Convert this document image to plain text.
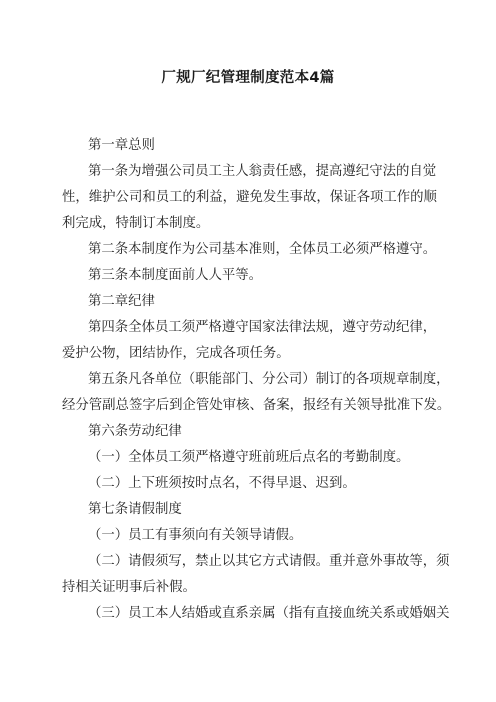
厂规厂纪管理制度范本4篇
第一章总则
第一条为增强公司员工主人翁责任感，提高遵纪守法的自觉
性，维护公司和员工的利益，避免发生事故，保证各项工作的顺
利完成，特制订本制度。
第二条本制度作为公司基本准则，全体员工必须严格遵守。
第三条本制度面前人人平等。
第二章纪律
第四条全体员工须严格遵守国家法律法规，遵守劳动纪律，
爱护公物，团结协作，完成各项任务。
第五条凡各单位（职能部门、分公司）制订的各项规章制度，
经分管副总签字后到企管处审核、备案，报经有关领导批准下发。
第六条劳动纪律
（一）全体员工须严格遵守班前班后点名的考勤制度。
（二）上下班须按时点名，不得早退、迟到。
第七条请假制度
（一）员工有事须向有关领导请假。
（二）请假须写，禁止以其它方式请假。重并意外事故等，须
持相关证明事后补假。
（三）员工本人结婚或直系亲属（指有直接血统关系或婚姻关
